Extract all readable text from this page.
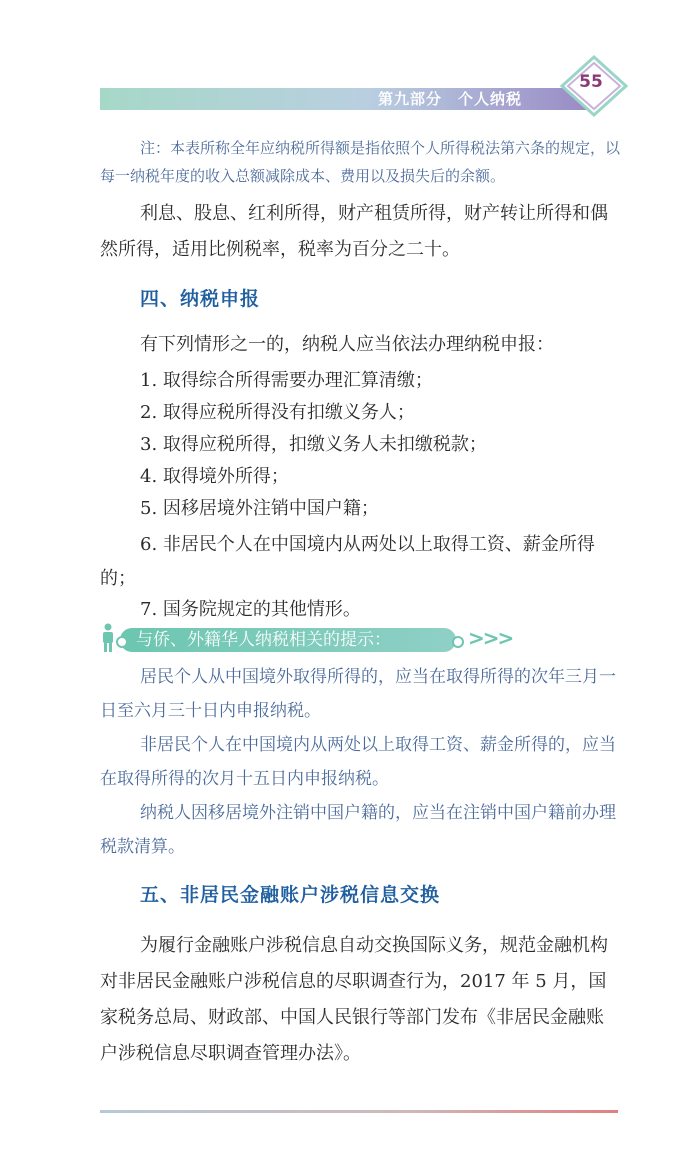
第九部分　个人纳税
55
注：本表所称全年应纳税所得额是指依照个人所得税法第六条的规定，以每一纳税年度的收入总额减除成本、费用以及损失后的余额。
利息、股息、红利所得，财产租赁所得，财产转让所得和偶然所得，适用比例税率，税率为百分之二十。
四、纳税申报
有下列情形之一的，纳税人应当依法办理纳税申报：
1. 取得综合所得需要办理汇算清缴；
2. 取得应税所得没有扣缴义务人；
3. 取得应税所得，扣缴义务人未扣缴税款；
4. 取得境外所得；
5. 因移居境外注销中国户籍；
6. 非居民个人在中国境内从两处以上取得工资、薪金所得的；
7. 国务院规定的其他情形。
与侨、外籍华人纳税相关的提示：	>>>
居民个人从中国境外取得所得的，应当在取得所得的次年三月一日至六月三十日内申报纳税。
非居民个人在中国境内从两处以上取得工资、薪金所得的，应当在取得所得的次月十五日内申报纳税。
纳税人因移居境外注销中国户籍的，应当在注销中国户籍前办理税款清算。
五、非居民金融账户涉税信息交换
为履行金融账户涉税信息自动交换国际义务，规范金融机构对非居民金融账户涉税信息的尽职调查行为，2017 年 5 月，国家税务总局、财政部、中国人民银行等部门发布《非居民金融账户涉税信息尽职调查管理办法》。
